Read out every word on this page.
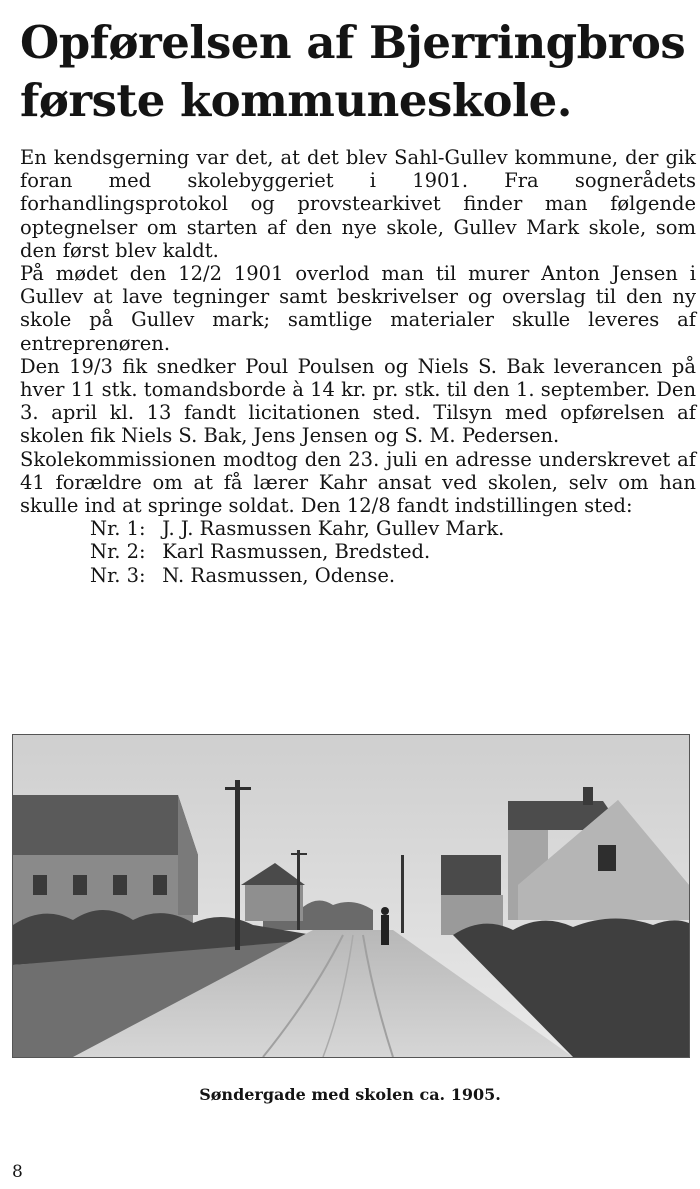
Opførelsen af Bjerringbros
første kommuneskole.

En kendsgerning var det, at det blev Sahl-Gullev kommune, der gik foran med skolebyggeriet i 1901. Fra sognerådets forhandlingsprotokol og provstearkivet finder man følgende optegnelser om starten af den nye skole, Gullev Mark skole, som den først blev kaldt.

På mødet den 12/2 1901 overlod man til murer Anton Jensen i Gullev at lave tegninger samt beskrivelser og overslag til den ny skole på Gullev mark; samtlige materialer skulle leveres af entreprenøren.

Den 19/3 fik snedker Poul Poulsen og Niels S. Bak leverancen på hver 11 stk. tomandsborde à 14 kr. pr. stk. til den 1. september. Den 3. april kl. 13 fandt licitationen sted. Tilsyn med opførelsen af skolen fik Niels S. Bak, Jens Jensen og S. M. Pedersen.

Skolekommissionen modtog den 23. juli en adresse underskrevet af 41 forældre om at få lærer Kahr ansat ved skolen, selv om han skulle ind at springe soldat. Den 12/8 fandt indstillingen sted:

Nr. 1: J. J. Rasmussen Kahr, Gullev Mark.
Nr. 2: Karl Rasmussen, Bredsted.
Nr. 3: N. Rasmussen, Odense.
Søndergade med skolen ca. 1905.
8
